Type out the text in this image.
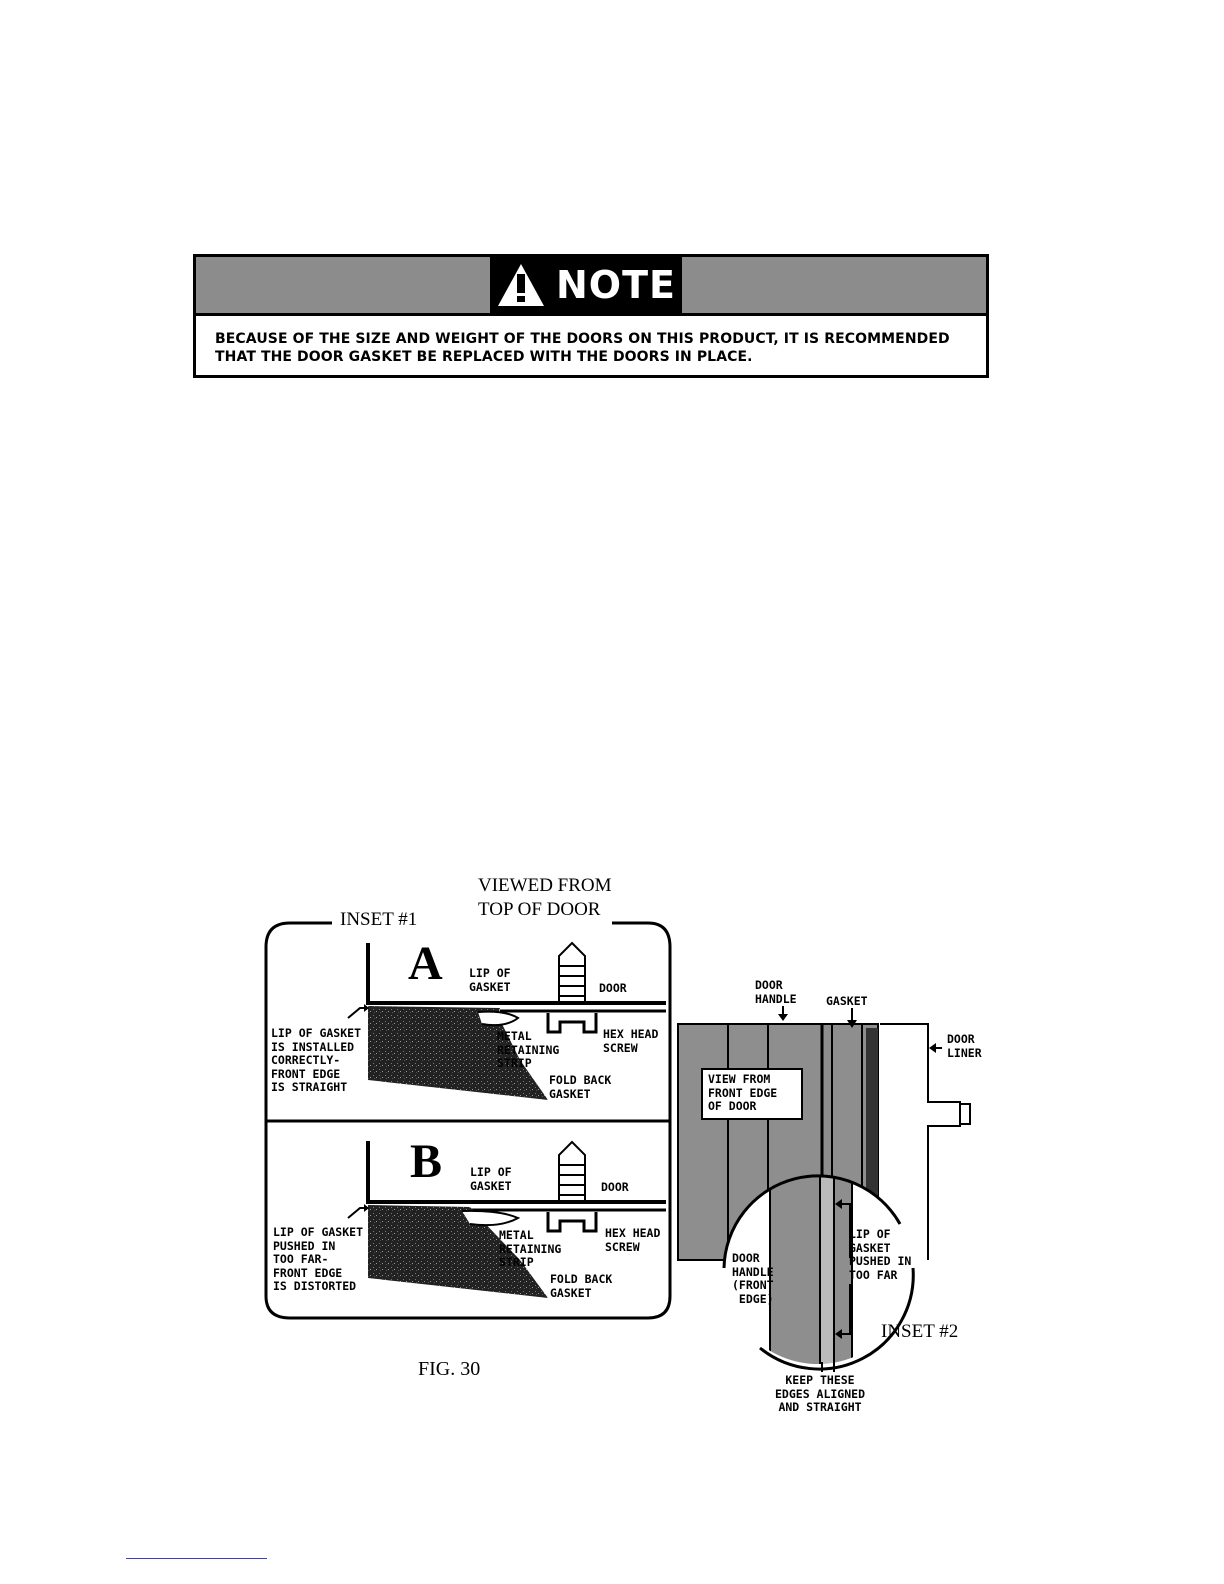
NOTE
BECAUSE OF THE SIZE AND WEIGHT OF THE DOORS ON THIS PRODUCT, IT IS RECOMMENDED THAT THE DOOR GASKET BE REPLACED WITH THE DOORS IN PLACE.
VIEWED FROM
TOP OF DOOR
INSET #1
A LIP OF
GASKET	DOOR
METAL
RETAINING
STRIP
HEX HEAD
SCREW
FOLD BACK
GASKET
LIP OF GASKET
IS INSTALLED
CORRECTLY-
FRONT EDGE
IS STRAIGHT
B LIP OF
GASKET	DOOR
METAL
RETAINING
STRIP
HEX HEAD
SCREW
FOLD BACK
GASKET
LIP OF GASKET
PUSHED IN
TOO FAR-
FRONT EDGE
IS DISTORTED
DOOR
HANDLE	GASKET
DOOR
LINER
VIEW FROM
FRONT EDGE
OF DOOR
DOOR
HANDLE
(FRONT
EDGE)
LIP OF
GASKET
PUSHED IN
TOO FAR
INSET #2
KEEP THESE
EDGES ALIGNED
AND STRAIGHT
FIG. 30
